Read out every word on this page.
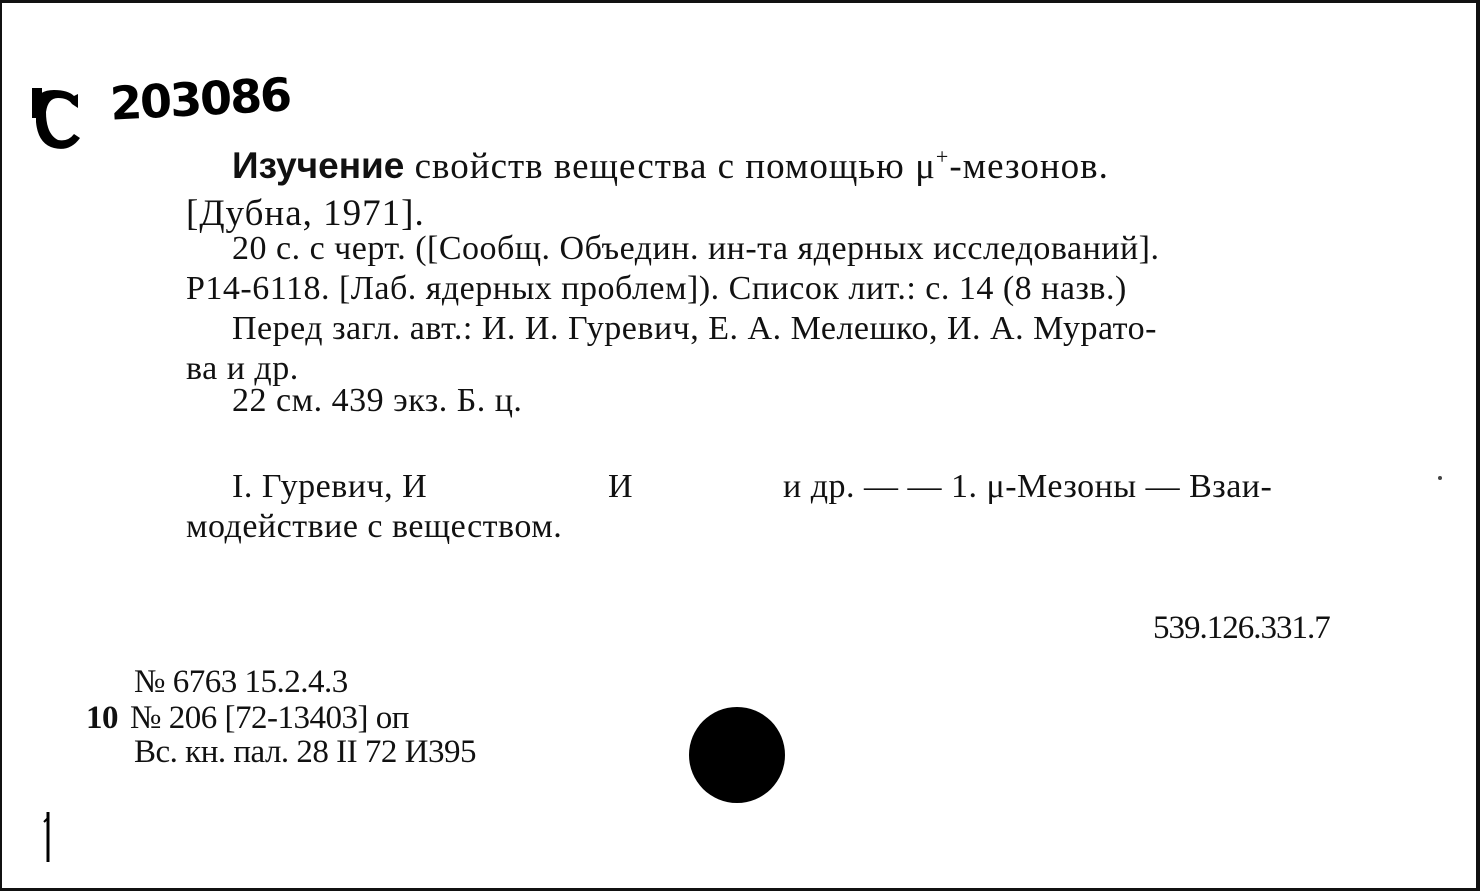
203086
Изучение свойств вещества с помощью μ+-мезонов.
[Дубна, 1971].
20 с. с черт. ([Сообщ. Объедин. ин-та ядерных исследований].
Р14-6118. [Лаб. ядерных проблем]). Список лит.: с. 14 (8 назв.)
Перед загл. авт.: И. И. Гуревич, Е. А. Мелешко, И. А. Мурато-
ва и др.
22 см. 439 экз. Б. ц.
I. Гуревич, И	И	и др. — — 1. μ-Мезоны — Взаи-
модействие с веществом.
539.126.331.7
№ 6763 15.2.4.3
10 № 206 [72-13403] оп
Вс. кн. пал. 28 II 72 И395
